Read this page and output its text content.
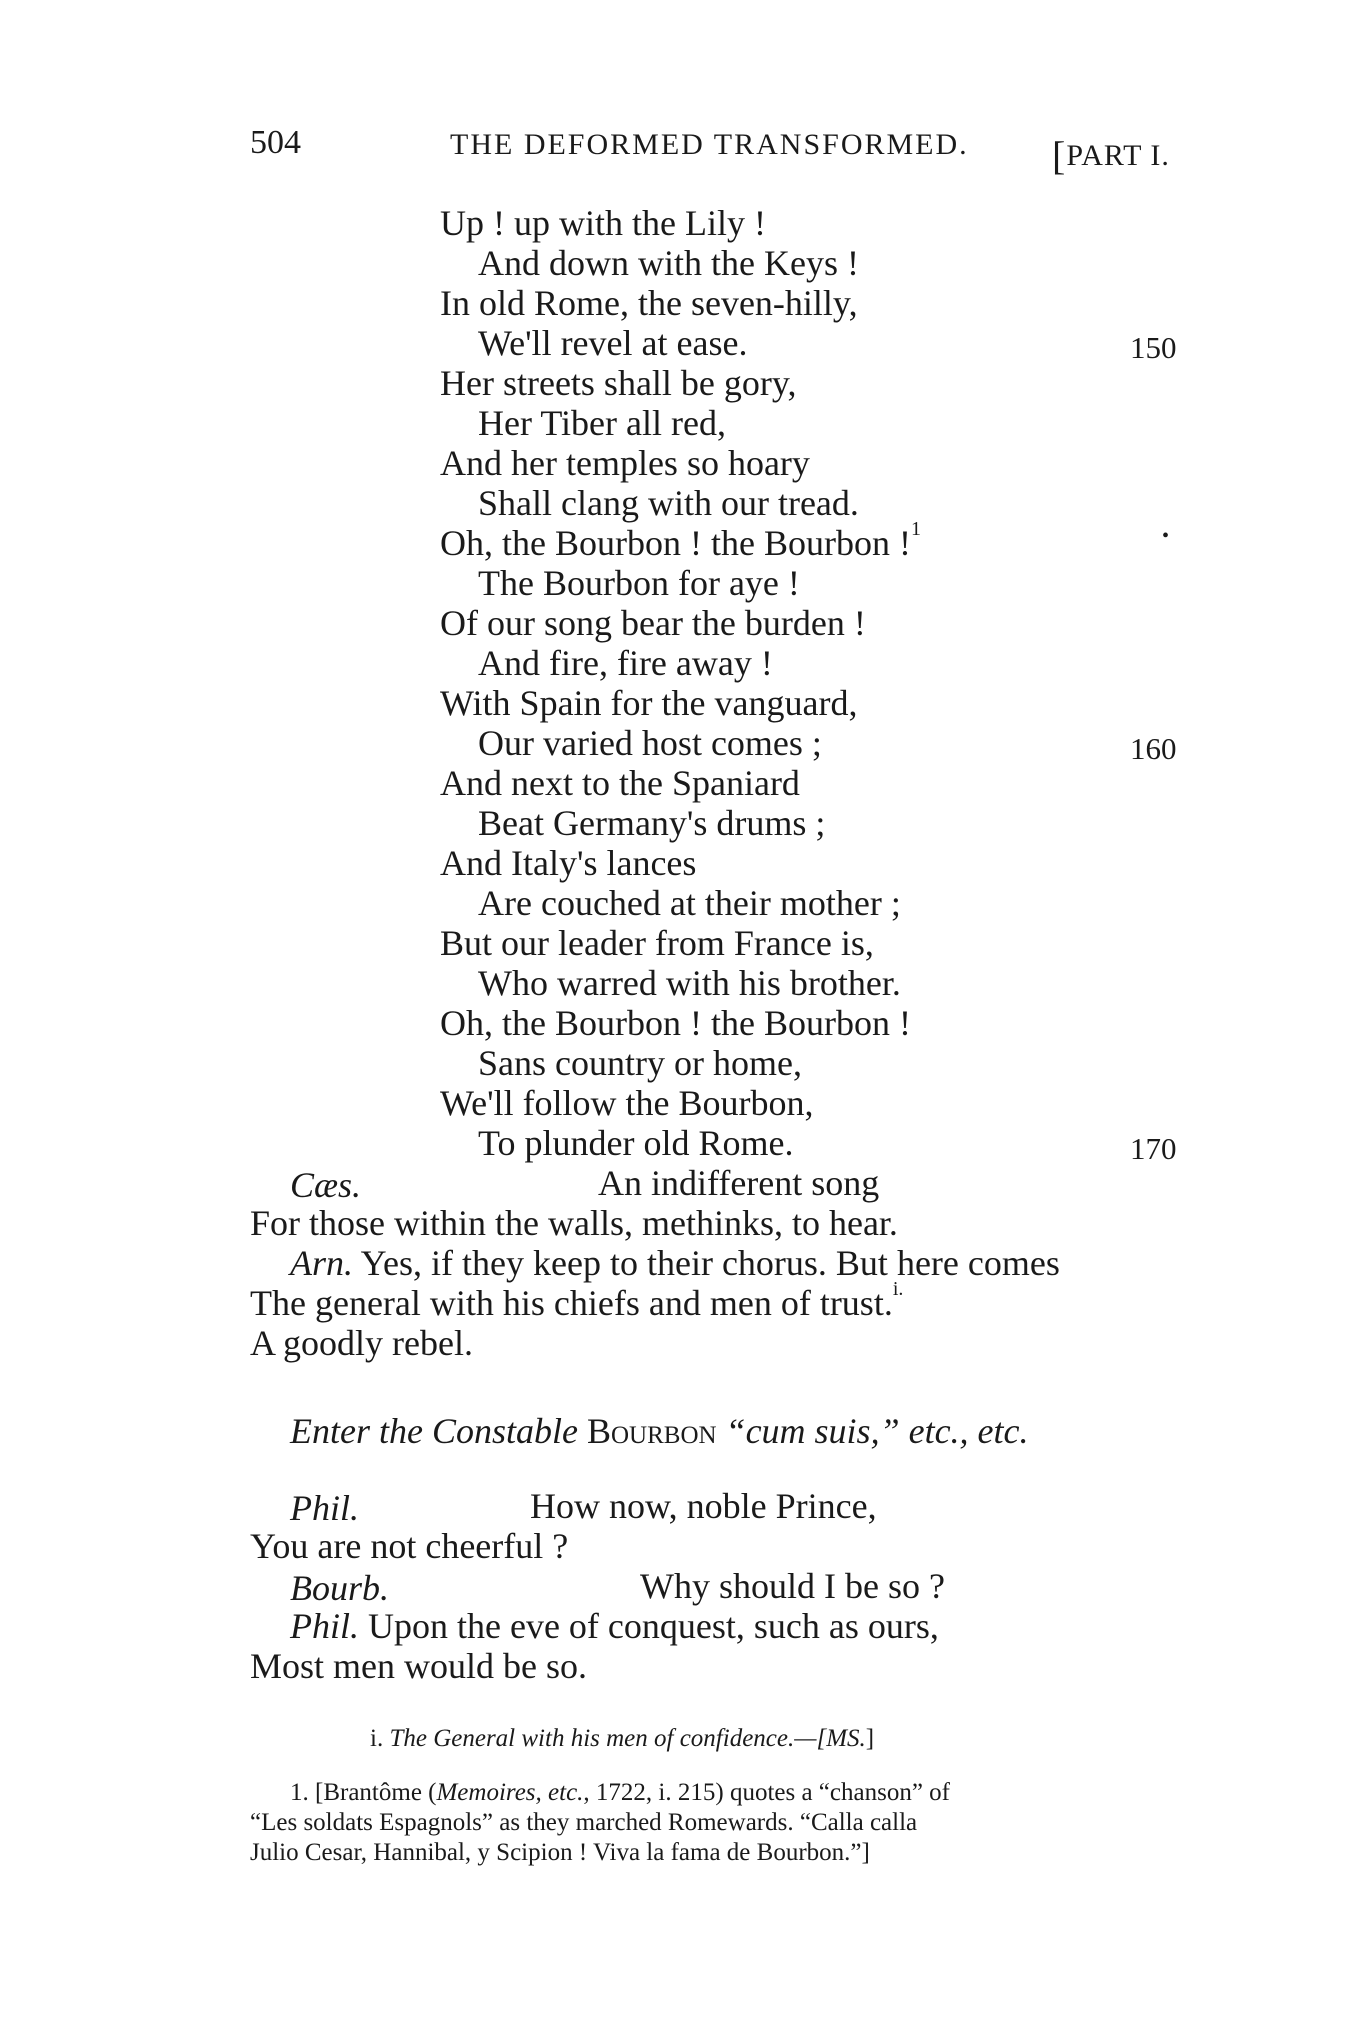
504	THE DEFORMED TRANSFORMED. [PART I.
Up ! up with the Lily !
And down with the Keys !
In old Rome, the seven-hilly,
We'll revel at ease.
Her streets shall be gory,
Her Tiber all red,
And her temples so hoary
Shall clang with our tread.
Oh, the Bourbon ! the Bourbon !$^1$
The Bourbon for aye !
Of our song bear the burden !
And fire, fire away !
With Spain for the vanguard,
Our varied host comes ;
And next to the Spaniard
Beat Germany's drums ;
And Italy's lances
Are couched at their mother ;
But our leader from France is,
Who warred with his brother.
Oh, the Bourbon ! the Bourbon !
Sans country or home,
We'll follow the Bourbon,
To plunder old Rome.
150
160
170
•
Cæs.	An indifferent song
For those within the walls, methinks, to hear.
Arn. Yes, if they keep to their chorus. But here comes
The general with his chiefs and men of trust.$^{i.}$
A goodly rebel.
Enter the Constable Bourbon “cum suis,” etc., etc.
Phil.	How now, noble Prince,
You are not cheerful ?
Bourb.	Why should I be so ?
Phil. Upon the eve of conquest, such as ours,
Most men would be so.
i. The General with his men of confidence.—[MS.]
1. [Brantôme (Memoires, etc., 1722, i. 215) quotes a “chanson” of
“Les soldats Espagnols” as they marched Romewards. “Calla calla
Julio Cesar, Hannibal, y Scipion ! Viva la fama de Bourbon.”]
